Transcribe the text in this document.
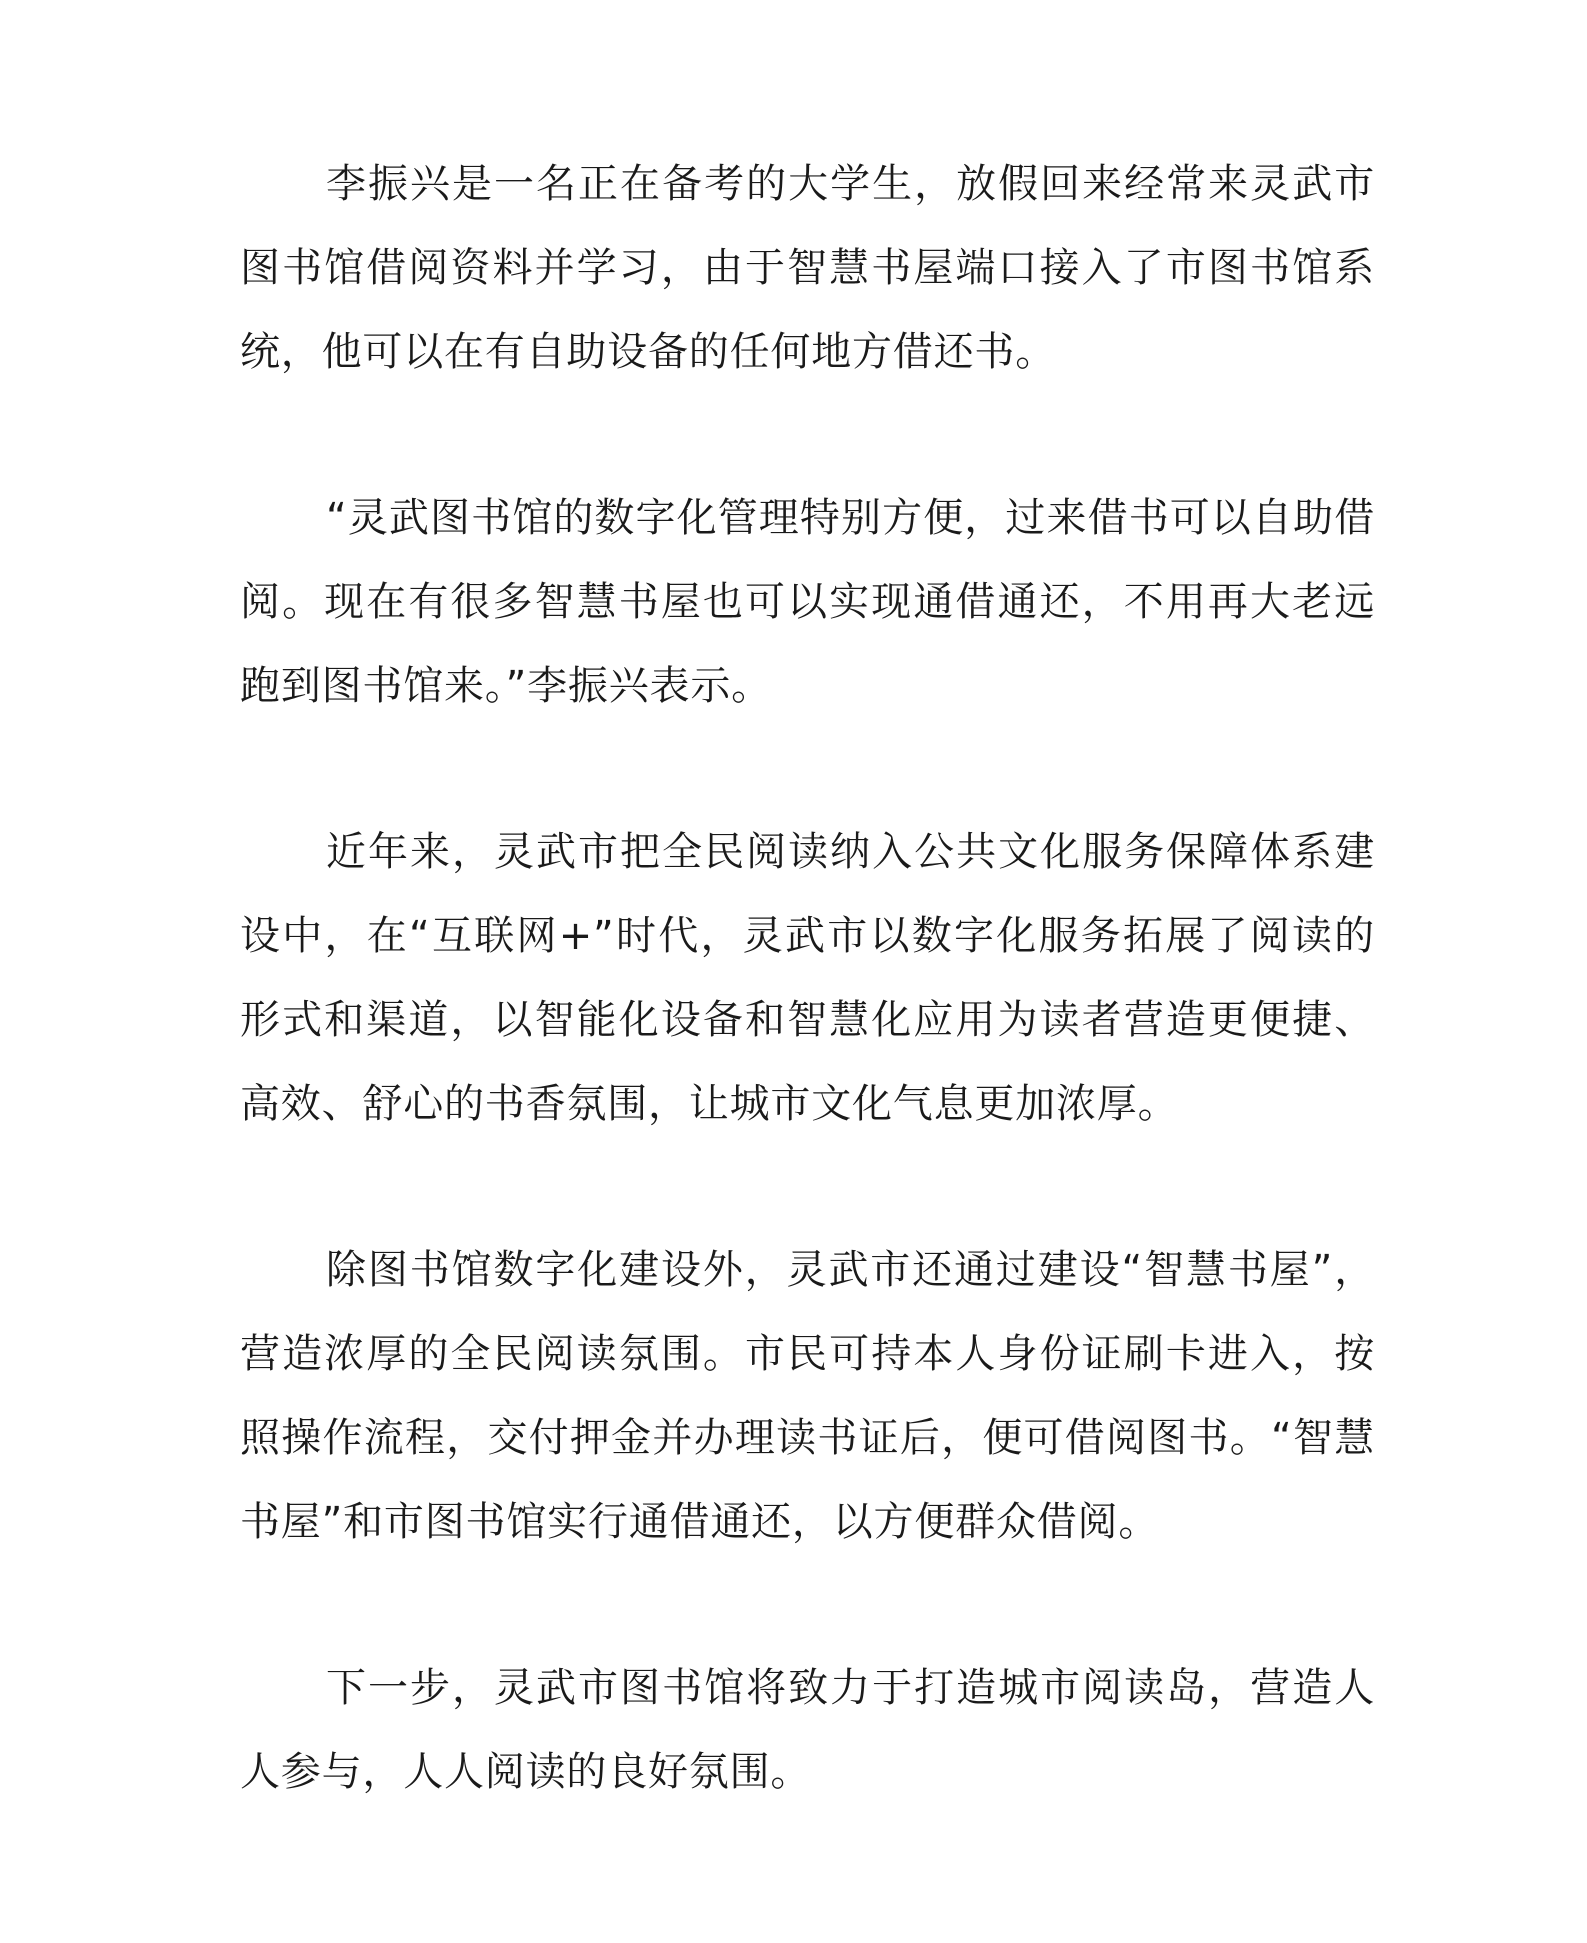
李振兴是一名正在备考的大学生，放假回来经常来灵武市图书馆借阅资料并学习，由于智慧书屋端口接入了市图书馆系统，他可以在有自助设备的任何地方借还书。

“灵武图书馆的数字化管理特别方便，过来借书可以自助借阅。现在有很多智慧书屋也可以实现通借通还，不用再大老远跑到图书馆来。”李振兴表示。

近年来，灵武市把全民阅读纳入公共文化服务保障体系建设中，在“互联网+”时代，灵武市以数字化服务拓展了阅读的形式和渠道，以智能化设备和智慧化应用为读者营造更便捷、高效、舒心的书香氛围，让城市文化气息更加浓厚。

除图书馆数字化建设外，灵武市还通过建设“智慧书屋”，营造浓厚的全民阅读氛围。市民可持本人身份证刷卡进入，按照操作流程，交付押金并办理读书证后，便可借阅图书。“智慧书屋”和市图书馆实行通借通还，以方便群众借阅。

下一步，灵武市图书馆将致力于打造城市阅读岛，营造人人参与，人人阅读的良好氛围。
